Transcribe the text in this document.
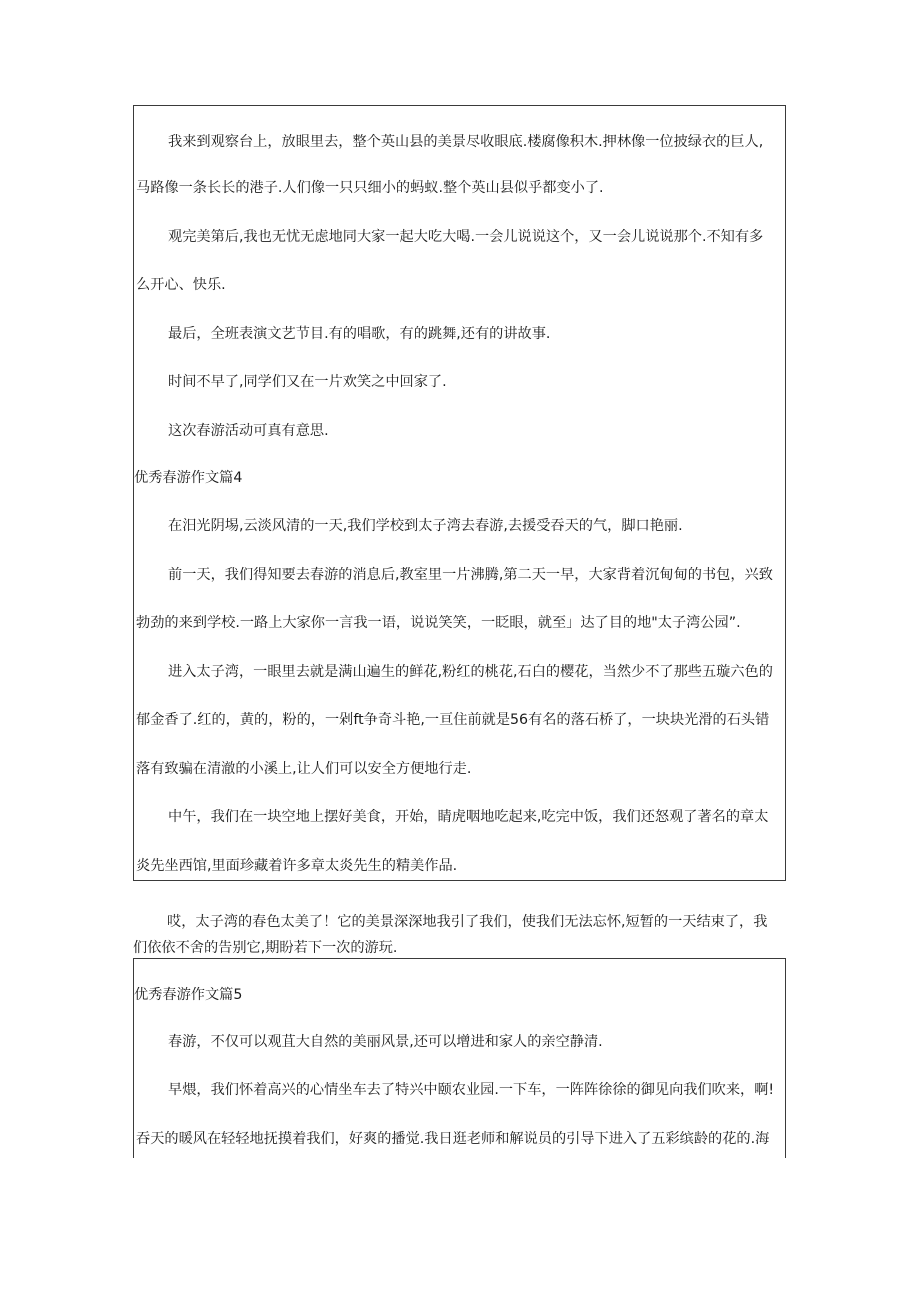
我来到观察台上，放眼里去，整个英山县的美景尽收眼底.楼腐像积木.押林像一位披绿衣的巨人,
马路像一条长长的港子.人们像一只只细小的蚂蚁.整个英山县似乎都变小了.
观完美第后,我也无忧无虑地同大家一起大吃大喝.一会儿说说这个，又一会儿说说那个.不知有多
么开心、快乐.
最后，全班表演文艺节目.有的唱歌，有的跳舞,还有的讲故事.
时间不早了,同学们又在一片欢笑之中回家了.
这次春游活动可真有意思.
优秀春游作文篇4
在汨光阴埸,云淡风清的一天,我们学校到太子湾去春游,去援受吞天的气，脚口艳丽.
前一天，我们得知要去春游的消息后,教室里一片沸腾,第二天一早，大家背着沉甸甸的书包，兴致
勃劲的来到学校.一路上大家你一言我一语，说说笑笑，一眨眼，就至」达了目的地"太子湾公园”.
进入太子湾，一眼里去就是满山遍生的鲜花,粉红的桃花,石白的樱花，当然少不了那些五璇六色的
郁金香了.红的，黄的，粉的，一剁ft争奇斗艳,一亘住前就是56有名的落石桥了，一块块光滑的石头错
落有致骗在清澈的小溪上,让人们可以安全方便地行走.
中午，我们在一块空地上摆好美食，开始，睛虎咽地吃起来,吃完中饭，我们还怒观了著名的章太
炎先坐西馆,里面珍藏着许多章太炎先生的精美作品.
哎，太子湾的春色太美了！它的美景深深地我引了我们，使我们无法忘怀,短暂的一天结束了，我
们依依不舍的告别它,期盼若下一次的游玩.
优秀春游作文篇5
春游，不仅可以观苴大自然的美丽风景,还可以增进和家人的亲空静清.
早煨，我们怀着高兴的心情坐车去了特兴中颐农业园.一下车，一阵阵徐徐的御见向我们吹来，啊!
吞天的暖风在轻轻地抚摸着我们，好爽的播觉.我日逛老师和解说员的引导下进入了五彩缤龄的花的.海
